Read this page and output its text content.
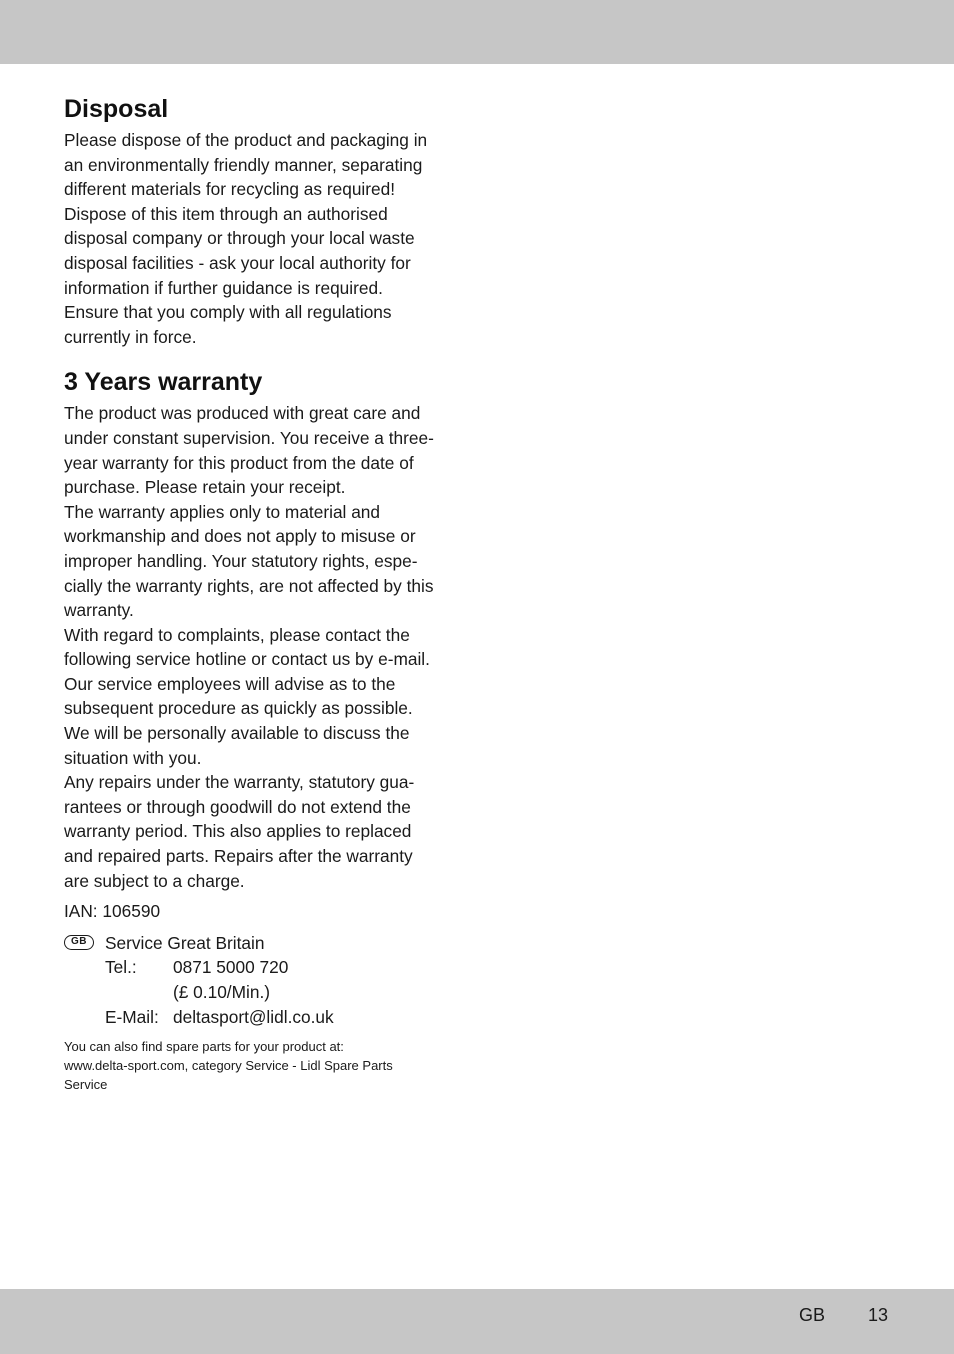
Disposal

Please dispose of the product and packaging in
an environmentally friendly manner, separating
different materials for recycling as required!
Dispose of this item through an authorised
disposal company or through your local waste
disposal facilities - ask your local authority for
information if further guidance is required.
Ensure that you comply with all regulations
currently in force.

3 Years warranty

The product was produced with great care and
under constant supervision. You receive a three-
year warranty for this product from the date of
purchase. Please retain your receipt.
The warranty applies only to material and
workmanship and does not apply to misuse or
improper handling. Your statutory rights, espe-
cially the warranty rights, are not affected by this
warranty.
With regard to complaints, please contact the
following service hotline or contact us by e-mail.
Our service employees will advise as to the
subsequent procedure as quickly as possible.
We will be personally available to discuss the
situation with you.
Any repairs under the warranty, statutory gua-
rantees or through goodwill do not extend the
warranty period. This also applies to replaced
and repaired parts. Repairs after the warranty
are subject to a charge.

IAN: 106590
GB	Service Great Britain
Tel.: 0871 5000 720
(£ 0.10/Min.)
E-Mail: deltasport@lidl.co.uk

You can also find spare parts for your product at:
www.delta-sport.com, category Service - Lidl Spare Parts
Service

GB 13
